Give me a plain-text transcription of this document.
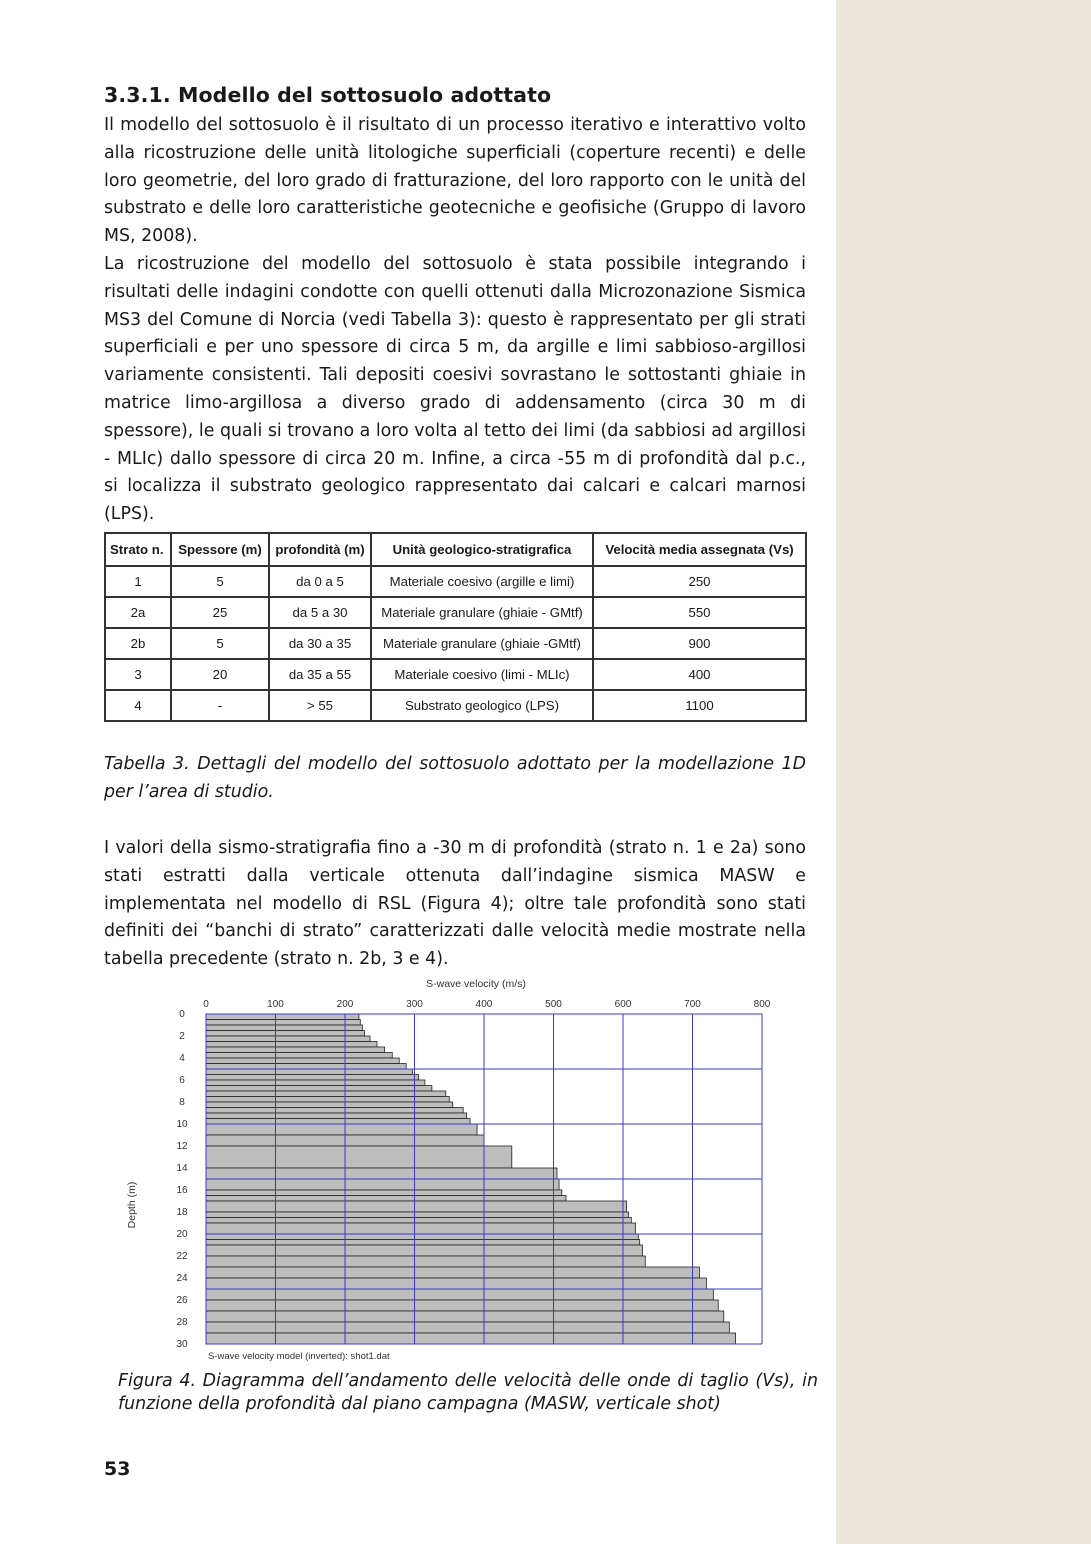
3.3.1. Modello del sottosuolo adottato

Il modello del sottosuolo è il risultato di un processo iterativo e interattivo volto alla ricostruzione delle unità litologiche superficiali (coperture recenti) e delle loro geometrie, del loro grado di fratturazione, del loro rapporto con le unità del substrato e delle loro caratteristiche geotecniche e geofisiche (Gruppo di lavoro MS, 2008).

La ricostruzione del modello del sottosuolo è stata possibile integrando i risultati delle indagini condotte con quelli ottenuti dalla Microzonazione Sismica MS3 del Comune di Norcia (vedi Tabella 3): questo è rappresentato per gli strati superficiali e per uno spessore di circa 5 m, da argille e limi sabbioso-argillosi variamente consistenti. Tali depositi coesivi sovrastano le sottostanti ghiaie in matrice limo-argillosa a diverso grado di addensamento (circa 30 m di spessore), le quali si trovano a loro volta al tetto dei limi (da sabbiosi ad argillosi - MLIc) dallo spessore di circa 20 m. Infine, a circa -55 m di profondità dal p.c., si localizza il substrato geologico rappresentato dai calcari e calcari marnosi (LPS).

Strato n.	Spessore (m)	profondità (m)	Unità geologico-stratigrafica	Velocità media assegnata (Vs)
1	5	da 0 a 5	Materiale coesivo (argille e limi)	250
2a	25	da 5 a 30	Materiale granulare (ghiaie - GMtf)	550
2b	5	da 30 a 35	Materiale granulare (ghiaie -GMtf)	900
3	20	da 35 a 55	Materiale coesivo (limi - MLIc)	400
4	-	> 55	Substrato geologico (LPS)	1100

Tabella 3. Dettagli del modello del sottosuolo adottato per la modellazione 1D per l’area di studio.

I valori della sismo-stratigrafia fino a -30 m di profondità (strato n. 1 e 2a) sono stati estratti dalla verticale ottenuta dall’indagine sismica MASW e implementata nel modello di RSL (Figura 4); oltre tale profondità sono stati definiti dei “banchi di strato” caratterizzati dalle velocità medie mostrate nella tabella precedente (strato n. 2b, 3 e 4).

S-wave velocity (m/s)
0	100	200	300	400	500	600	700	800
0
2
4
6
8
10
12
14
16
18
20
22
24
26
28
30
Depth (m)
S-wave velocity model (inverted): shot1.dat

Figura 4. Diagramma dell’andamento delle velocità delle onde di taglio (Vs), in funzione della profondità dal piano campagna (MASW, verticale shot)

53
